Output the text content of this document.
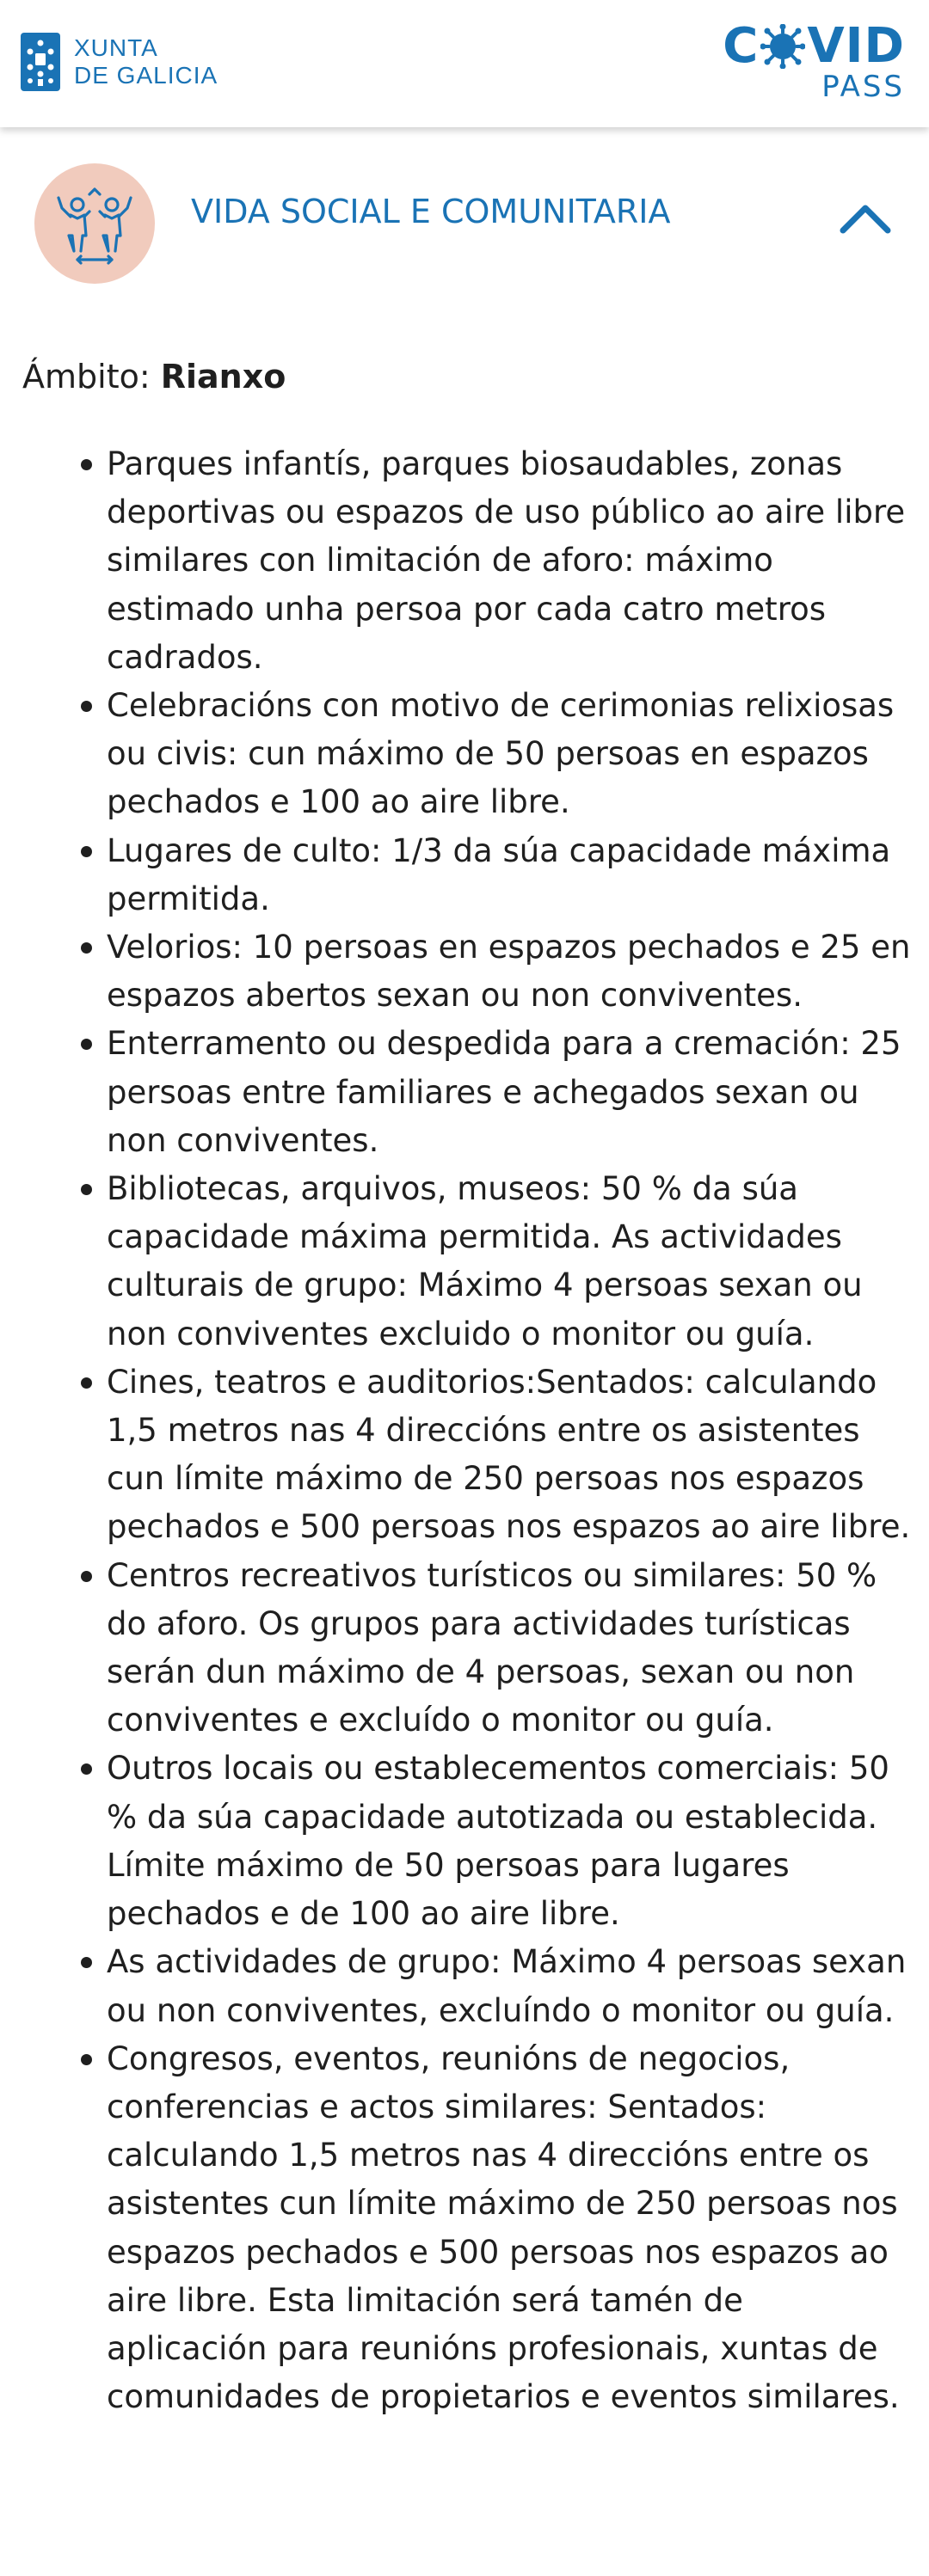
XUNTA
DE GALICIA
C VID
PASS
VIDA SOCIAL E COMUNITARIA
Ámbito: Rianxo
Parques infantís, parques biosaudables, zonas deportivas ou espazos de uso público ao aire libre similares con limitación de aforo: máximo estimado unha persoa por cada catro metros cadrados.
Celebracións con motivo de cerimonias relixiosas ou civis: cun máximo de 50 persoas en espazos pechados e 100 ao aire libre.
Lugares de culto: 1/3 da súa capacidade máxima permitida.
Velorios: 10 persoas en espazos pechados e 25 en espazos abertos sexan ou non conviventes.
Enterramento ou despedida para a cremación: 25 persoas entre familiares e achegados sexan ou non conviventes.
Bibliotecas, arquivos, museos: 50 % da súa capacidade máxima permitida. As actividades culturais de grupo: Máximo 4 persoas sexan ou non conviventes excluido o monitor ou guía.
Cines, teatros e auditorios:Sentados: calculando 1,5 metros nas 4 direccións entre os asistentes cun límite máximo de 250 persoas nos espazos pechados e 500 persoas nos espazos ao aire libre.
Centros recreativos turísticos ou similares: 50 % do aforo. Os grupos para actividades turísticas serán dun máximo de 4 persoas, sexan ou non conviventes e excluído o monitor ou guía.
Outros locais ou establecementos comerciais: 50 % da súa capacidade autotizada ou establecida. Límite máximo de 50 persoas para lugares pechados e de 100 ao aire libre.
As actividades de grupo: Máximo 4 persoas sexan ou non conviventes, excluíndo o monitor ou guía.
Congresos, eventos, reunións de negocios, conferencias e actos similares: Sentados: calculando 1,5 metros nas 4 direccións entre os asistentes cun límite máximo de 250 persoas nos espazos pechados e 500 persoas nos espazos ao aire libre. Esta limitación será tamén de aplicación para reunións profesionais, xuntas de comunidades de propietarios e eventos similares.
